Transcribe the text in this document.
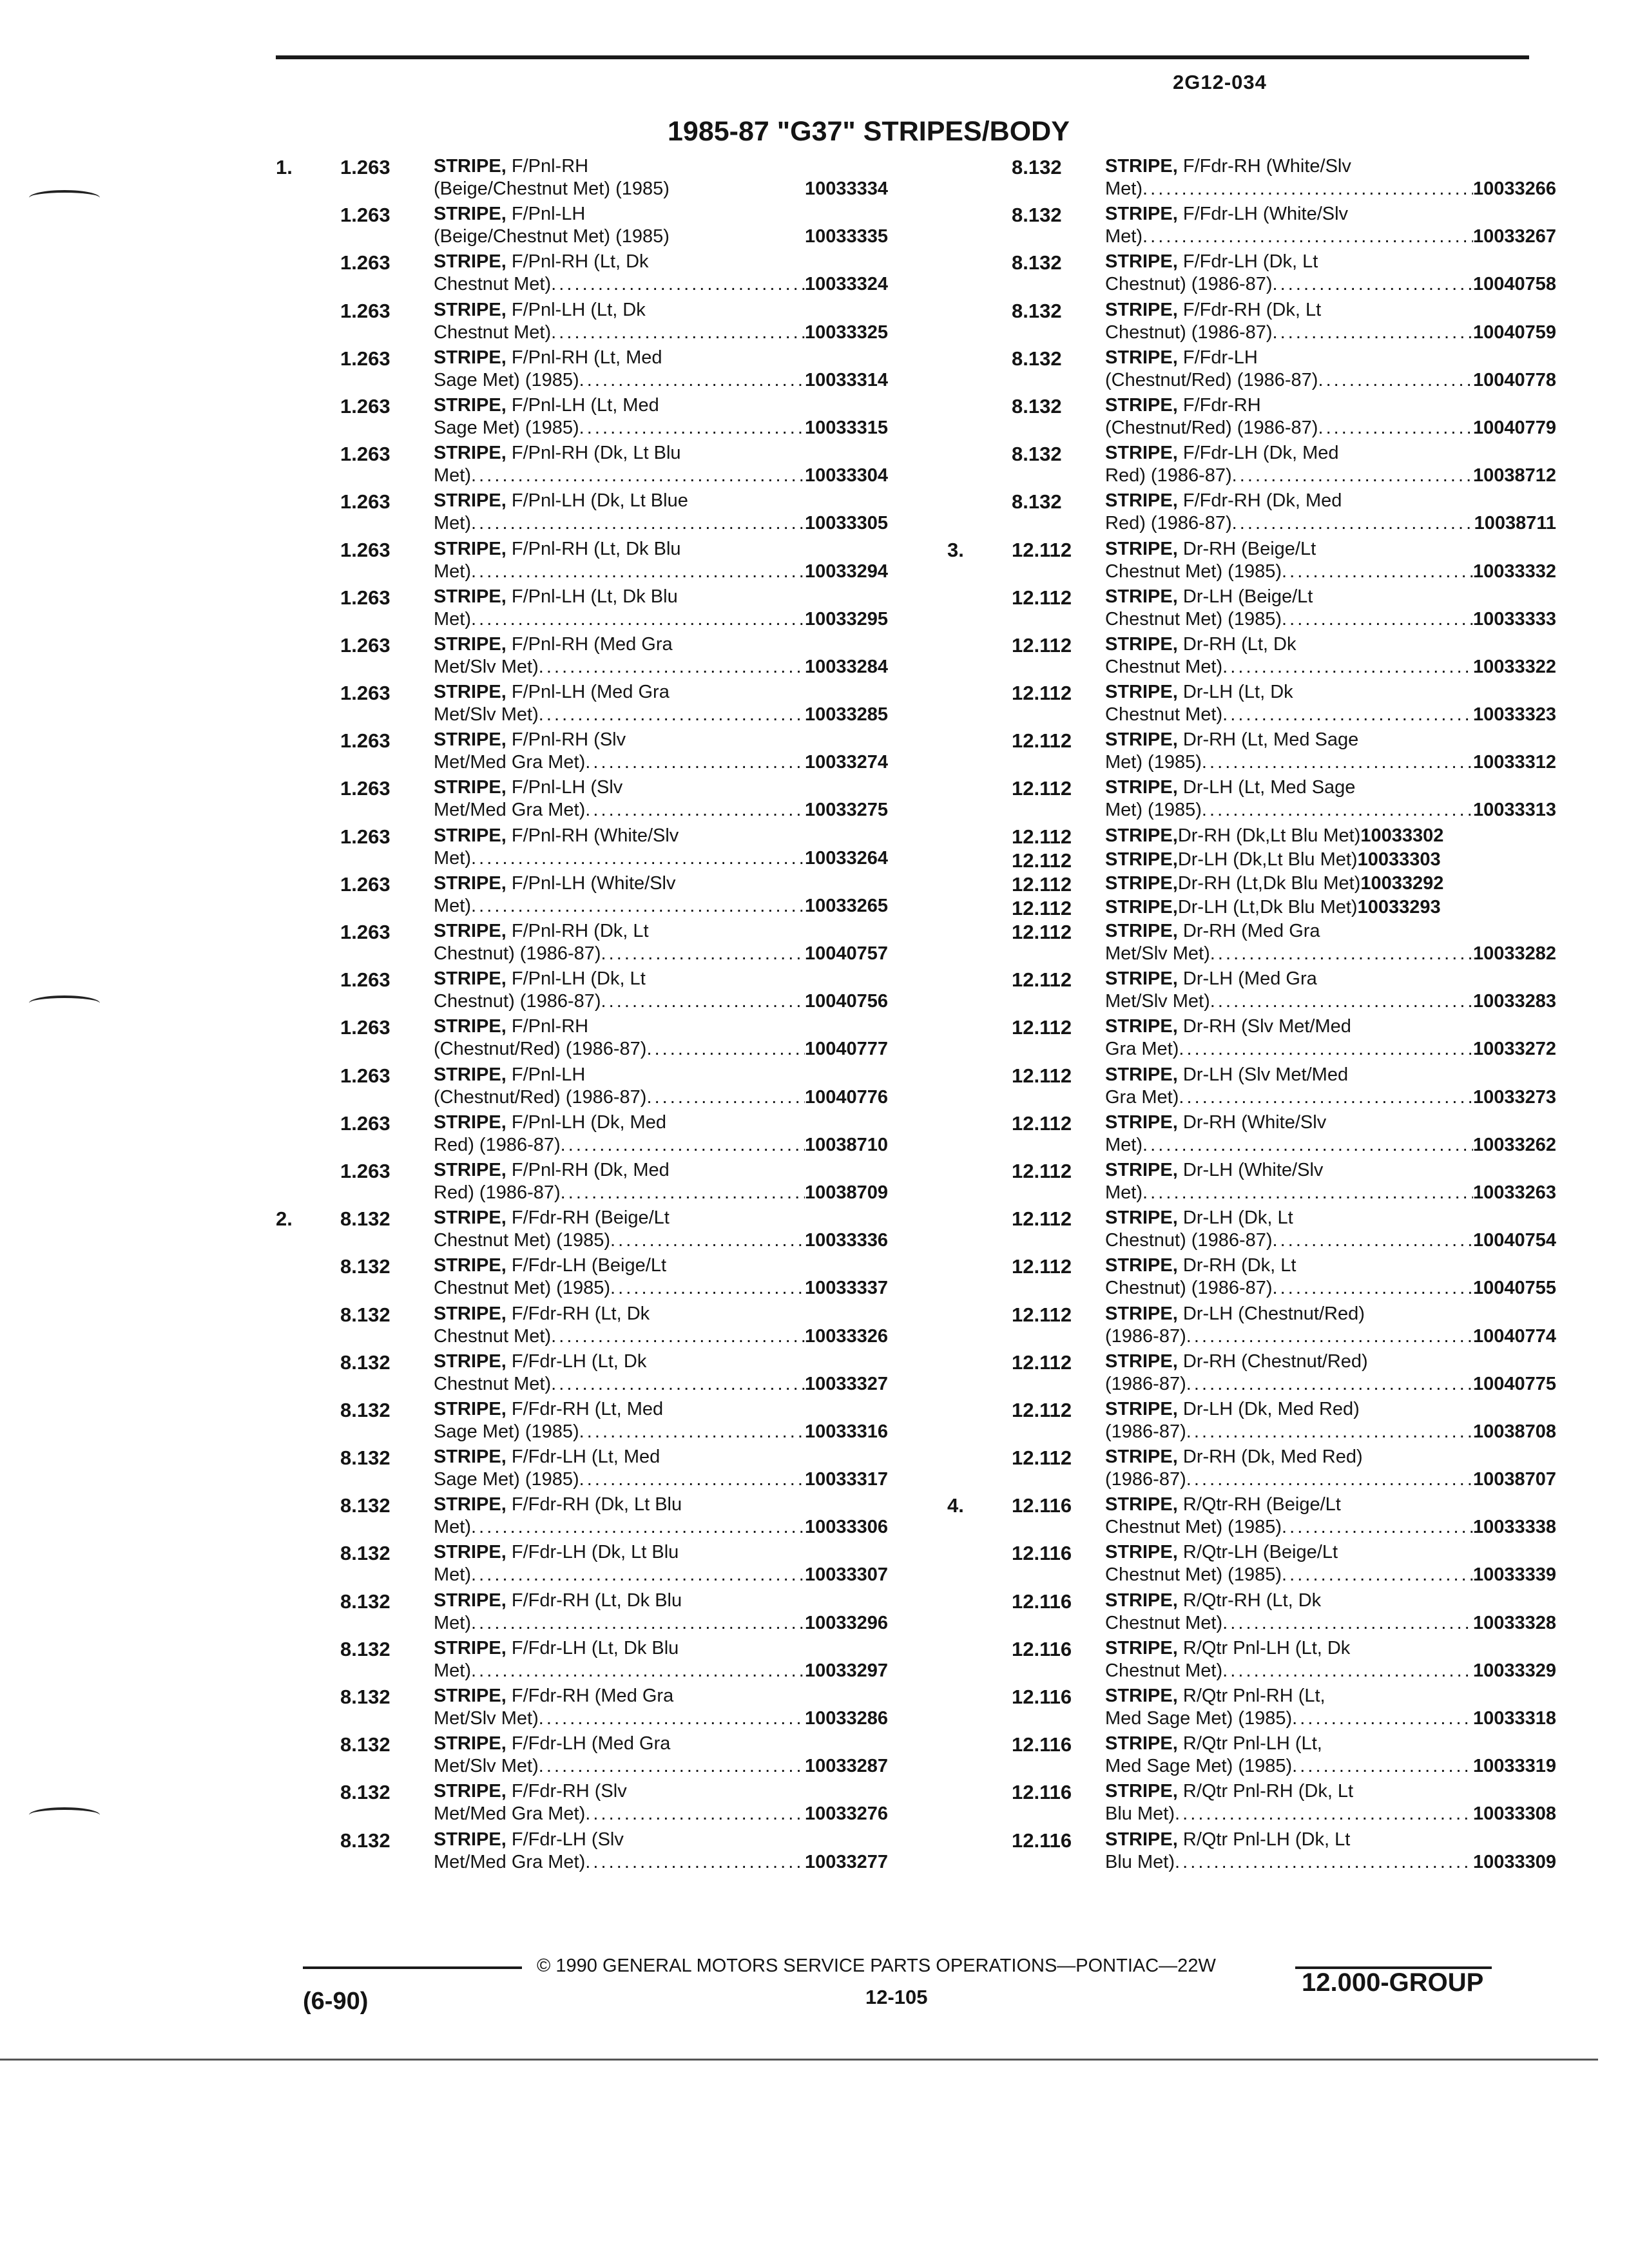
2G12-034
1985-87 "G37" STRIPES/BODY
1. 1.263 STRIPE, F/Pnl-RH
(Beige/Chestnut Met) (1985)	10033334
1.263 STRIPE, F/Pnl-LH
(Beige/Chestnut Met) (1985)	10033335
1.263 STRIPE, F/Pnl-RH (Lt, Dk
Chestnut Met) . . .	10033324
1.263 STRIPE, F/Pnl-LH (Lt, Dk
Chestnut Met) . . .	10033325
1.263 STRIPE, F/Pnl-RH (Lt, Med
Sage Met) (1985) . . .	10033314
1.263 STRIPE, F/Pnl-LH (Lt, Med
Sage Met) (1985) . . .	10033315
1.263 STRIPE, F/Pnl-RH (Dk, Lt Blu
Met) . . .	10033304
1.263 STRIPE, F/Pnl-LH (Dk, Lt Blue
Met) . . .	10033305
1.263 STRIPE, F/Pnl-RH (Lt, Dk Blu
Met) . . .	10033294
1.263 STRIPE, F/Pnl-LH (Lt, Dk Blu
Met) . . .	10033295
1.263 STRIPE, F/Pnl-RH (Med Gra
Met/Slv Met) . . .	10033284
1.263 STRIPE, F/Pnl-LH (Med Gra
Met/Slv Met) . . .	10033285
1.263 STRIPE, F/Pnl-RH (Slv
Met/Med Gra Met) . . .	10033274
1.263 STRIPE, F/Pnl-LH (Slv
Met/Med Gra Met) . . .	10033275
1.263 STRIPE, F/Pnl-RH (White/Slv
Met) . . .	10033264
1.263 STRIPE, F/Pnl-LH (White/Slv
Met) . . .	10033265
1.263 STRIPE, F/Pnl-RH (Dk, Lt
Chestnut) (1986-87) . . .	10040757
1.263 STRIPE, F/Pnl-LH (Dk, Lt
Chestnut) (1986-87) . . .	10040756
1.263 STRIPE, F/Pnl-RH
(Chestnut/Red) (1986-87) . . .	10040777
1.263 STRIPE, F/Pnl-LH
(Chestnut/Red) (1986-87) . . .	10040776
1.263 STRIPE, F/Pnl-LH (Dk, Med
Red) (1986-87) . . .	10038710
1.263 STRIPE, F/Pnl-RH (Dk, Med
Red) (1986-87) . . .	10038709
2. 8.132 STRIPE, F/Fdr-RH (Beige/Lt
Chestnut Met) (1985) . . .	10033336
8.132 STRIPE, F/Fdr-LH (Beige/Lt
Chestnut Met) (1985) . . .	10033337
8.132 STRIPE, F/Fdr-RH (Lt, Dk
Chestnut Met) . . .	10033326
8.132 STRIPE, F/Fdr-LH (Lt, Dk
Chestnut Met) . . .	10033327
8.132 STRIPE, F/Fdr-RH (Lt, Med
Sage Met) (1985) . . .	10033316
8.132 STRIPE, F/Fdr-LH (Lt, Med
Sage Met) (1985) . . .	10033317
8.132 STRIPE, F/Fdr-RH (Dk, Lt Blu
Met) . . .	10033306
8.132 STRIPE, F/Fdr-LH (Dk, Lt Blu
Met) . . .	10033307
8.132 STRIPE, F/Fdr-RH (Lt, Dk Blu
Met) . . .	10033296
8.132 STRIPE, F/Fdr-LH (Lt, Dk Blu
Met) . . .	10033297
8.132 STRIPE, F/Fdr-RH (Med Gra
Met/Slv Met) . . .	10033286
8.132 STRIPE, F/Fdr-LH (Med Gra
Met/Slv Met) . . .	10033287
8.132 STRIPE, F/Fdr-RH (Slv
Met/Med Gra Met) . . .	10033276
8.132 STRIPE, F/Fdr-LH (Slv
Met/Med Gra Met) . . .	10033277
8.132 STRIPE, F/Fdr-RH (White/Slv
Met) . . .	10033266
8.132 STRIPE, F/Fdr-LH (White/Slv
Met) . . .	10033267
8.132 STRIPE, F/Fdr-LH (Dk, Lt
Chestnut) (1986-87) . . .	10040758
8.132 STRIPE, F/Fdr-RH (Dk, Lt
Chestnut) (1986-87) . . .	10040759
8.132 STRIPE, F/Fdr-LH
(Chestnut/Red) (1986-87) . . .	10040778
8.132 STRIPE, F/Fdr-RH
(Chestnut/Red) (1986-87) . . .	10040779
8.132 STRIPE, F/Fdr-LH (Dk, Med
Red) (1986-87) . . .	10038712
8.132 STRIPE, F/Fdr-RH (Dk, Med
Red) (1986-87) . . .	10038711
3. 12.112 STRIPE, Dr-RH (Beige/Lt
Chestnut Met) (1985) . . .	10033332
12.112 STRIPE, Dr-LH (Beige/Lt
Chestnut Met) (1985) . . .	10033333
12.112 STRIPE, Dr-RH (Lt, Dk
Chestnut Met) . . .	10033322
12.112 STRIPE, Dr-LH (Lt, Dk
Chestnut Met) . . .	10033323
12.112 STRIPE, Dr-RH (Lt, Med Sage
Met) (1985) . . .	10033312
12.112 STRIPE, Dr-LH (Lt, Med Sage
Met) (1985) . . .	10033313
12.112 STRIPE, Dr-RH (Dk,Lt Blu Met) 10033302
12.112 STRIPE, Dr-LH (Dk,Lt Blu Met) 10033303
12.112 STRIPE, Dr-RH (Lt,Dk Blu Met) 10033292
12.112 STRIPE, Dr-LH (Lt,Dk Blu Met) 10033293
12.112 STRIPE, Dr-RH (Med Gra
Met/Slv Met) . . .	10033282
12.112 STRIPE, Dr-LH (Med Gra
Met/Slv Met) . . .	10033283
12.112 STRIPE, Dr-RH (Slv Met/Med
Gra Met) . . .	10033272
12.112 STRIPE, Dr-LH (Slv Met/Med
Gra Met) . . .	10033273
12.112 STRIPE, Dr-RH (White/Slv
Met) . . .	10033262
12.112 STRIPE, Dr-LH (White/Slv
Met) . . .	10033263
12.112 STRIPE, Dr-LH (Dk, Lt
Chestnut) (1986-87) . . .	10040754
12.112 STRIPE, Dr-RH (Dk, Lt
Chestnut) (1986-87) . . .	10040755
12.112 STRIPE, Dr-LH (Chestnut/Red)
(1986-87) . . .	10040774
12.112 STRIPE, Dr-RH (Chestnut/Red)
(1986-87) . . .	10040775
12.112 STRIPE, Dr-LH (Dk, Med Red)
(1986-87) . . .	10038708
12.112 STRIPE, Dr-RH (Dk, Med Red)
(1986-87) . . .	10038707
4. 12.116 STRIPE, R/Qtr-RH (Beige/Lt
Chestnut Met) (1985) . . .	10033338
12.116 STRIPE, R/Qtr-LH (Beige/Lt
Chestnut Met) (1985) . . .	10033339
12.116 STRIPE, R/Qtr-RH (Lt, Dk
Chestnut Met) . . .	10033328
12.116 STRIPE, R/Qtr Pnl-LH (Lt, Dk
Chestnut Met) . . .	10033329
12.116 STRIPE, R/Qtr Pnl-RH (Lt,
Med Sage Met) (1985) . . .	10033318
12.116 STRIPE, R/Qtr Pnl-LH (Lt,
Med Sage Met) (1985) . . .	10033319
12.116 STRIPE, R/Qtr Pnl-RH (Dk, Lt
Blu Met) . . .	10033308
12.116 STRIPE, R/Qtr Pnl-LH (Dk, Lt
Blu Met) . . .	10033309
© 1990 GENERAL MOTORS SERVICE PARTS OPERATIONS—PONTIAC—22W
(6-90)	12-105
12.000-GROUP
